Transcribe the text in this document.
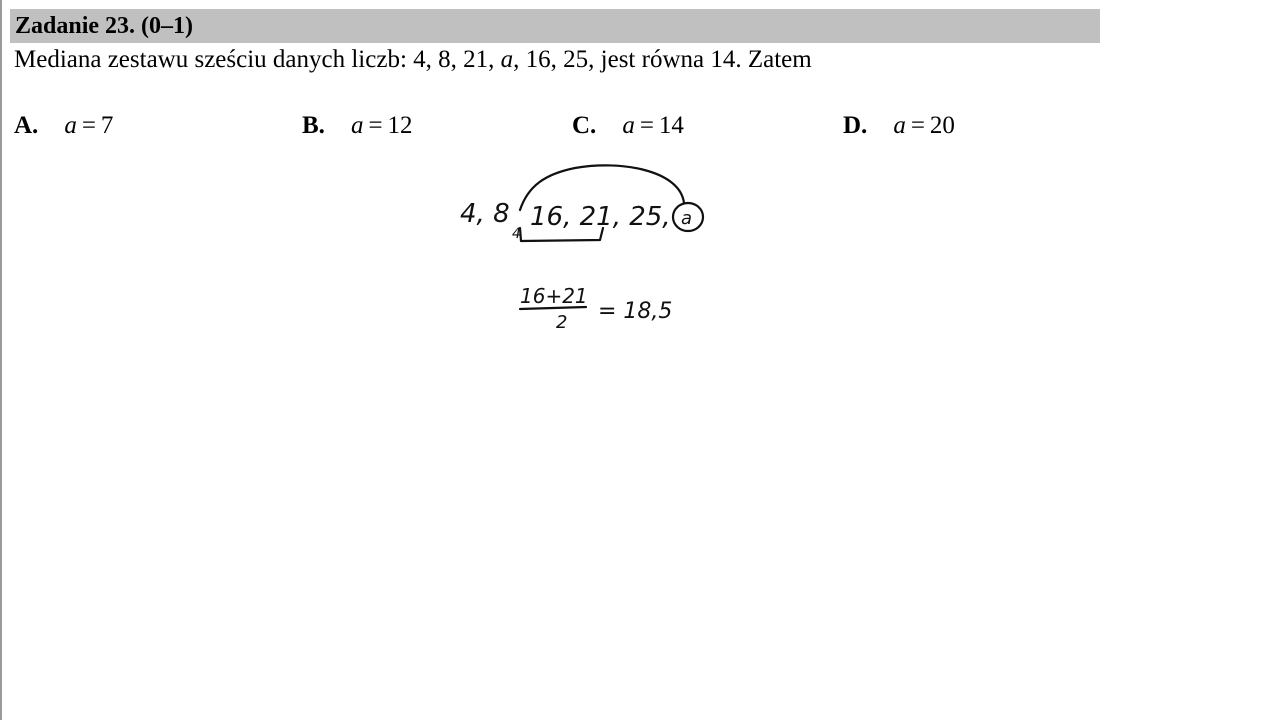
Zadanie 23. (0–1)
Mediana zestawu sześciu danych liczb: 4, 8, 21, a, 16, 25, jest równa 14. Zatem
A. a = 7	B. a = 12	C. a = 14	D. a = 20
4, 8
4
16, 21, 25, a
16+21
2 = 18,5
